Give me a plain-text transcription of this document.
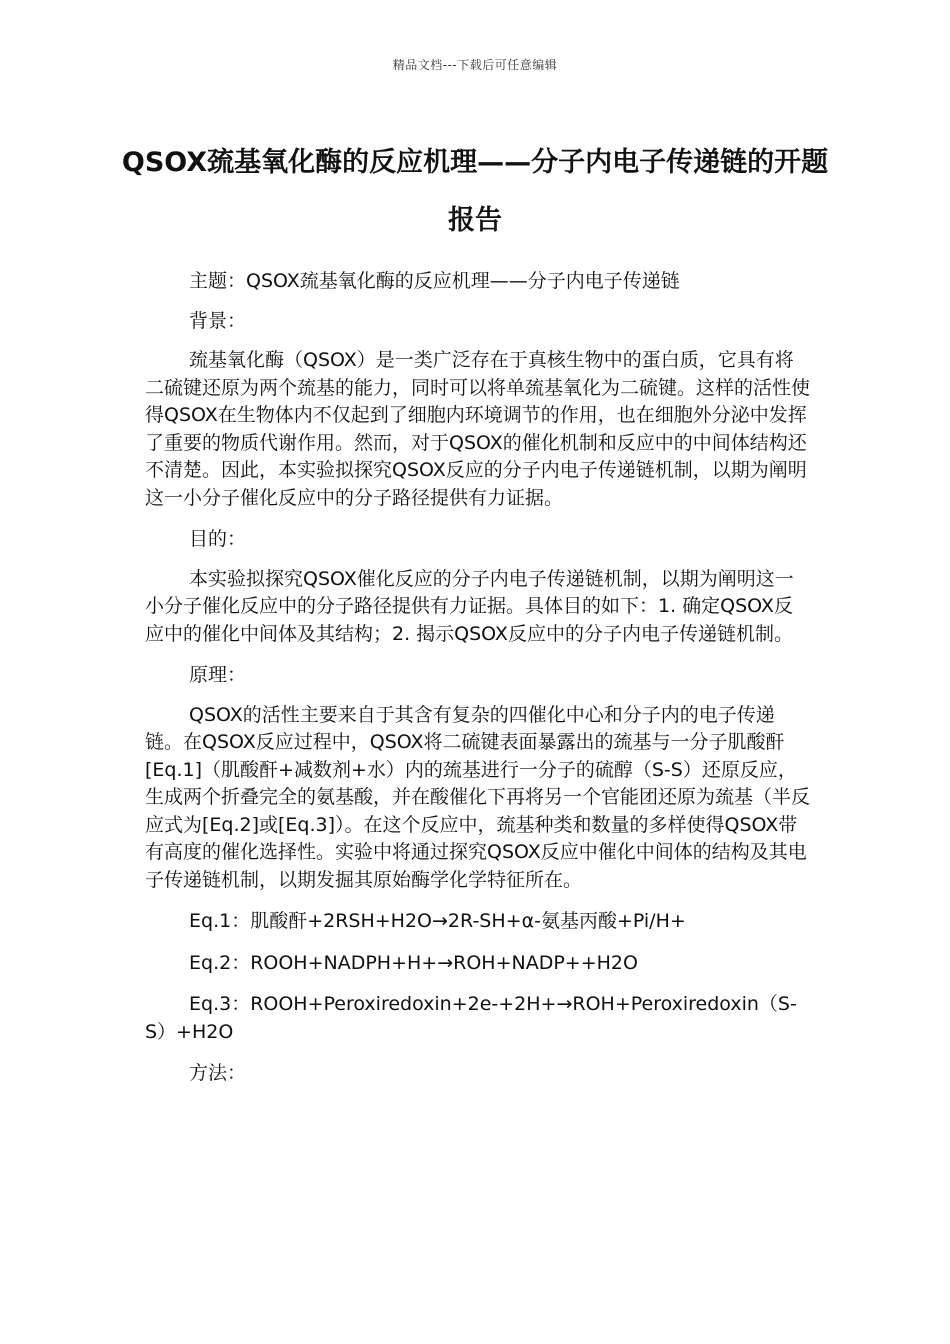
精品文档---下载后可任意编辑
QSOX巯基氧化酶的反应机理——分子内电子传递链的开题报告

主题：QSOX巯基氧化酶的反应机理——分子内电子传递链

背景：

巯基氧化酶（QSOX）是一类广泛存在于真核生物中的蛋白质，它具有将二硫键还原为两个巯基的能力，同时可以将单巯基氧化为二硫键。这样的活性使得QSOX在生物体内不仅起到了细胞内环境调节的作用，也在细胞外分泌中发挥了重要的物质代谢作用。然而，对于QSOX的催化机制和反应中的中间体结构还不清楚。因此，本实验拟探究QSOX反应的分子内电子传递链机制，以期为阐明这一小分子催化反应中的分子路径提供有力证据。

目的：

本实验拟探究QSOX催化反应的分子内电子传递链机制，以期为阐明这一小分子催化反应中的分子路径提供有力证据。具体目的如下：1. 确定QSOX反应中的催化中间体及其结构；2. 揭示QSOX反应中的分子内电子传递链机制。

原理：

QSOX的活性主要来自于其含有复杂的四催化中心和分子内的电子传递链。在QSOX反应过程中，QSOX将二硫键表面暴露出的巯基与一分子肌酸酐[Eq.1]（肌酸酐+减数剂+水）内的巯基进行一分子的硫醇（S-S）还原反应，生成两个折叠完全的氨基酸，并在酸催化下再将另一个官能团还原为巯基（半反应式为[Eq.2]或[Eq.3]）。在这个反应中，巯基种类和数量的多样使得QSOX带有高度的催化选择性。实验中将通过探究QSOX反应中催化中间体的结构及其电子传递链机制，以期发掘其原始酶学化学特征所在。

Eq.1：肌酸酐+2RSH+H2O→2R-SH+α-氨基丙酸+Pi/H+

Eq.2：ROOH+NADPH+H+→ROH+NADP++H2O

Eq.3：ROOH+Peroxiredoxin+2e-+2H+→ROH+Peroxiredoxin（S-S）+H2O

方法：
